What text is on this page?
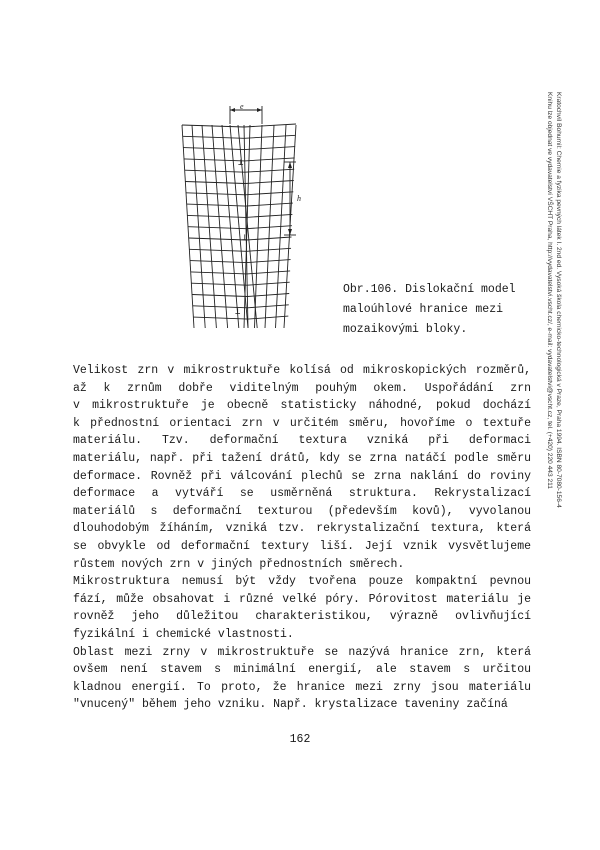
e
h
⊥
⊥
⊥
Obr.106. Dislokační model
maloúhlové hranice mezi
mozaikovými bloky.
Velikost zrn v mikrostruktuře kolísá od mikroskopických rozměrů,
až k zrnům dobře viditelným pouhým okem. Uspořádání zrn
v mikrostruktuře je obecně statisticky náhodné, pokud dochází
k přednostní orientaci zrn v určitém směru, hovoříme o textuře
materiálu. Tzv. deformační textura vzniká při deformaci
materiálu, např. při tažení drátů, kdy se zrna natáčí podle směru
deformace. Rovněž při válcování plechů se zrna naklání do roviny
deformace a vytváří se usměrněná struktura. Rekrystalizací
materiálů s deformační texturou (především kovů), vyvolanou
dlouhodobým žíháním, vzniká tzv. rekrystalizační textura, která
se obvykle od deformační textury liší. Její vznik vysvětlujeme
růstem nových zrn v jiných přednostních směrech.
Mikrostruktura nemusí být vždy tvořena pouze kompaktní pevnou
fází, může obsahovat i různé velké póry. Pórovitost materiálu je
rovněž jeho důležitou charakteristikou, výrazně ovlivňující
fyzikální i chemické vlastnosti.
Oblast mezi zrny v mikrostruktuře se nazývá hranice zrn, která
ovšem není stavem s minimální energií, ale stavem s určitou
kladnou energií. To proto, že hranice mezi zrny jsou materiálu
"vnucený" během jeho vzniku. Např. krystalizace taveniny začíná
162
Kratochvíl Bohumil: Chemie a fyzika pevných látek I. 2nd ed. Vysoká škola chemicko-technologická v Praze, Praha 1994. ISBN 80-7080-156-4
Knihu lze objednat ve vydavatelství VŠCHT Praha, http://vydavatelstvi.vscht.cz/, e-mail: vydavatelstvi@vscht.cz, tel. (+420) 220 443 211
